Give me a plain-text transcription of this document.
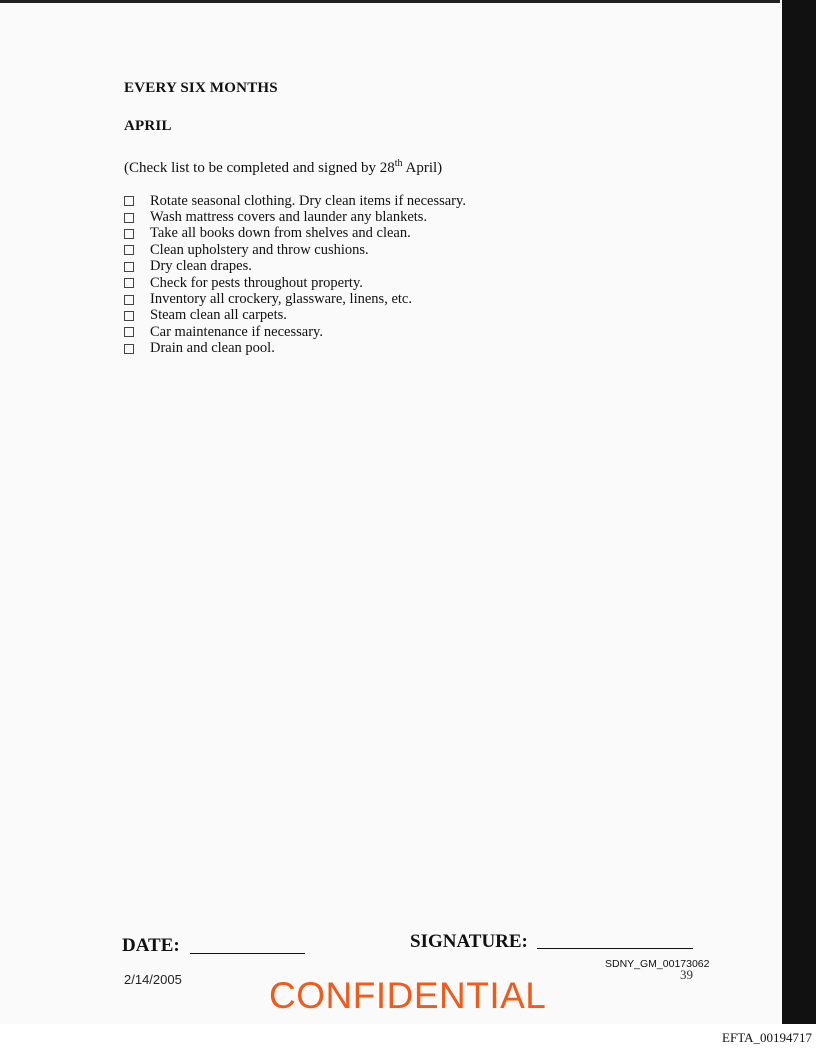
EVERY SIX MONTHS
APRIL
(Check list to be completed and signed by 28th April)
Rotate seasonal clothing. Dry clean items if necessary.
Wash mattress covers and launder any blankets.
Take all books down from shelves and clean.
Clean upholstery and throw cushions.
Dry clean drapes.
Check for pests throughout property.
Inventory all crockery, glassware, linens, etc.
Steam clean all carpets.
Car maintenance if necessary.
Drain and clean pool.
DATE:	SIGNATURE:
2/14/2005
SDNY_GM_00173062
39
CONFIDENTIAL
EFTA_00194717
